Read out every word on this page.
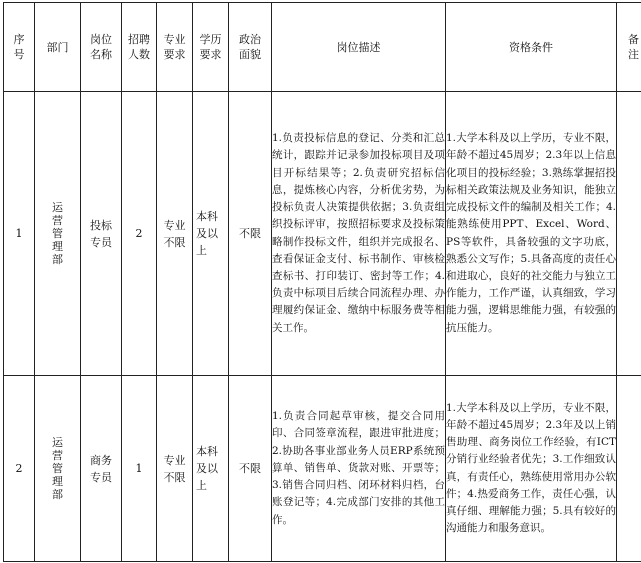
序号	部门	岗位名称	招聘人数	专业要求	学历要求	政治面貌	岗位描述	资格条件	备注
1	运营管理部	投标专员	2	专业不限	本科及以上	不限	1.负责投标信息的登记、分类和汇总统计，跟踪并记录参加投标项目及项目开标结果等；2.负责研究招标信息，提炼核心内容，分析优劣势，为投标负责人决策提供依据；3.负责组织投标评审，按照招标要求及投标策略制作投标文件，组织并完成报名、查看保证金支付、标书制作、审核检查标书、打印装订、密封等工作；4.负责中标项目后续合同流程办理、办理履约保证金、缴纳中标服务费等相关工作。	1.大学本科及以上学历，专业不限，年龄不超过45周岁；2.3年以上信息化项目的投标经验；3.熟练掌握招投标相关政策法规及业务知识，能独立完成投标文件的编制及相关工作；4.能熟练使用PPT、Excel、Word、PS等软件，具备较强的文字功底，熟悉公文写作；5.具备高度的责任心和进取心，良好的社交能力与独立工作能力，工作严谨，认真细致，学习能力强，逻辑思维能力强，有较强的抗压能力。	
2	运营管理部	商务专员	1	专业不限	本科及以上	不限	1.负责合同起草审核，提交合同用印、合同签章流程，跟进审批进度；2.协助各事业部业务人员ERP系统预算单、销售单、货款对账、开票等；3.销售合同归档、闭环材料归档，台账登记等；4.完成部门安排的其他工作。	1.大学本科及以上学历，专业不限，年龄不超过45周岁；2.3年及以上销售助理、商务岗位工作经验，有ICT分销行业经验者优先；3.工作细致认真，有责任心，熟练使用常用办公软件；4.热爱商务工作，责任心强，认真仔细、理解能力强；5.具有较好的沟通能力和服务意识。	
